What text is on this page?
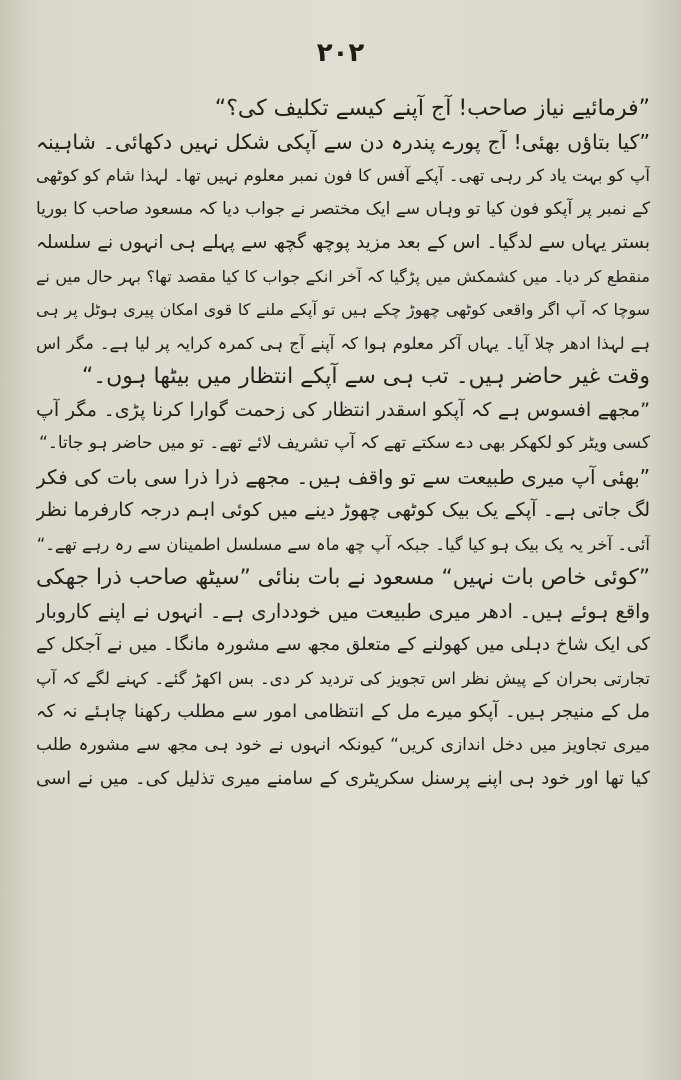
۲۰۲
”فرمائیے نیاز صاحب! آج آپنے کیسے تکلیف کی؟“
”کیا بتاؤں بھئی! آج پورے پندرہ دن سے آپکی شکل نہیں دکھائی۔ شاہینہ
آپ کو بہت یاد کر رہی تھی۔ آپکے آفس کا فون نمبر معلوم نہیں تھا۔ لہذا شام کو کوٹھی
کے نمبر پر آپکو فون کیا تو وہاں سے ایک مختصر نے جواب دیا کہ مسعود صاحب کا بوریا
بستر یہاں سے لدگیا۔ اس کے بعد مزید پوچھ گچھ سے پہلے ہی انہوں نے سلسلہ
منقطع کر دیا۔ میں کشمکش میں پڑگیا کہ آخر انکے جواب کا کیا مقصد تھا؟ بہر حال میں نے
سوچا کہ آپ اگر واقعی کوٹھی چھوڑ چکے ہیں تو آپکے ملنے کا قوی امکان پیری ہوٹل پر ہی
ہے لہذا ادھر چلا آیا۔ یہاں آکر معلوم ہوا کہ آپنے آج ہی کمرہ کرایہ پر لیا ہے۔ مگر اس
وقت غیر حاضر ہیں۔ تب ہی سے آپکے انتظار میں بیٹھا ہوں۔“
”مجھے افسوس ہے کہ آپکو اسقدر انتظار کی زحمت گوارا کرنا پڑی۔ مگر آپ
کسی ویٹر کو لکھکر بھی دے سکتے تھے کہ آپ تشریف لائے تھے۔ تو میں حاضر ہو جاتا۔“
”بھئی آپ میری طبیعت سے تو واقف ہیں۔ مجھے ذرا ذرا سی بات کی فکر
لگ جاتی ہے۔ آپکے یک بیک کوٹھی چھوڑ دینے میں کوئی اہم درجہ کارفرما نظر
آئی۔ آخر یہ یک بیک ہو کیا گیا۔ جبکہ آپ چھ ماہ سے مسلسل اطمینان سے رہ رہے تھے۔“
”کوئی خاص بات نہیں“ مسعود نے بات بنائی ”سیٹھ صاحب ذرا جھکی
واقع ہوئے ہیں۔ ادھر میری طبیعت میں خودداری ہے۔ انہوں نے اپنے کاروبار
کی ایک شاخ دہلی میں کھولنے کے متعلق مجھ سے مشورہ مانگا۔ میں نے آجکل کے
تجارتی بحران کے پیش نظر اس تجویز کی تردید کر دی۔ بس اکھڑ گئے۔ کہنے لگے کہ آپ
مل کے منیجر ہیں۔ آپکو میرے مل کے انتظامی امور سے مطلب رکھنا چاہئے نہ کہ
میری تجاویز میں دخل اندازی کریں“ کیونکہ انہوں نے خود ہی مجھ سے مشورہ طلب
کیا تھا اور خود ہی اپنے پرسنل سکریٹری کے سامنے میری تذلیل کی۔ میں نے اسی
